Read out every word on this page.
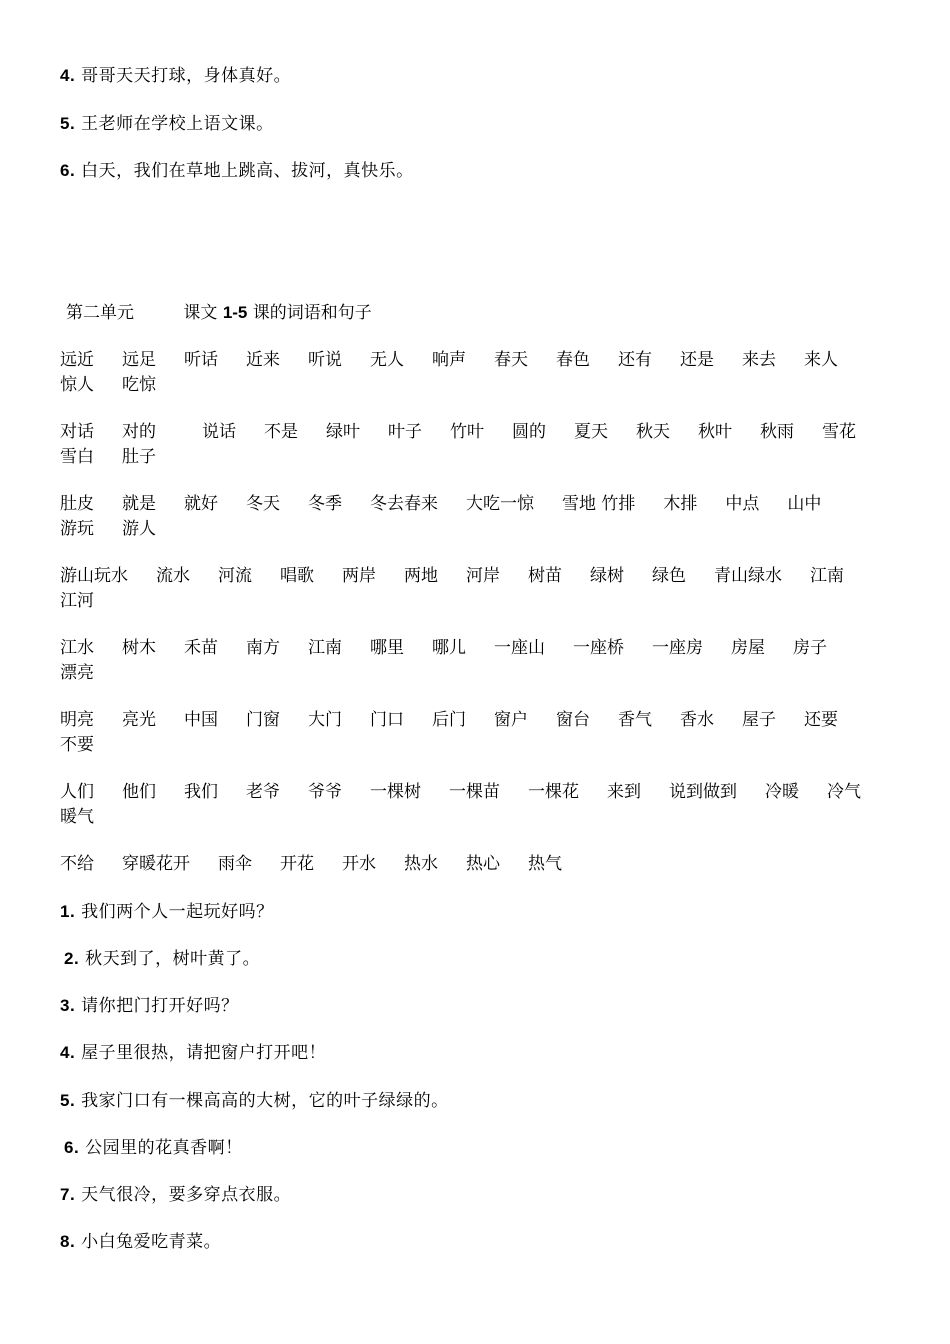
4. 哥哥天天打球，身体真好。
5. 王老师在学校上语文课。
6. 白天，我们在草地上跳高、拔河，真快乐。
第二单元	课文 1-5 课的词语和句子
远近 远足 听话 近来 听说 无人 响声 春天 春色 还有 还是 来去 来人惊人 吃惊
对话 对的	说话 不是 绿叶 叶子 竹叶 圆的 夏天 秋天 秋叶 秋雨 雪花雪白 肚子
肚皮 就是 就好 冬天 冬季 冬去春来 大吃一惊 雪地 竹排 木排 中点 山中游玩 游人
游山玩水 流水 河流 唱歌 两岸 两地 河岸 树苗 绿树 绿色 青山绿水 江南江河
江水 树木 禾苗 南方 江南 哪里 哪儿 一座山 一座桥 一座房 房屋 房子漂亮
明亮 亮光 中国 门窗 大门 门口 后门 窗户 窗台 香气 香水 屋子 还要不要
人们 他们 我们 老爷 爷爷 一棵树 一棵苗 一棵花 来到 说到做到 冷暖 冷气暖气
不给 穿暖花开 雨伞 开花 开水 热水 热心 热气
1. 我们两个人一起玩好吗？
2. 秋天到了，树叶黄了。
3. 请你把门打开好吗？
4. 屋子里很热，请把窗户打开吧！
5. 我家门口有一棵高高的大树，它的叶子绿绿的。
6. 公园里的花真香啊！
7. 天气很冷，要多穿点衣服。
8. 小白兔爱吃青菜。
